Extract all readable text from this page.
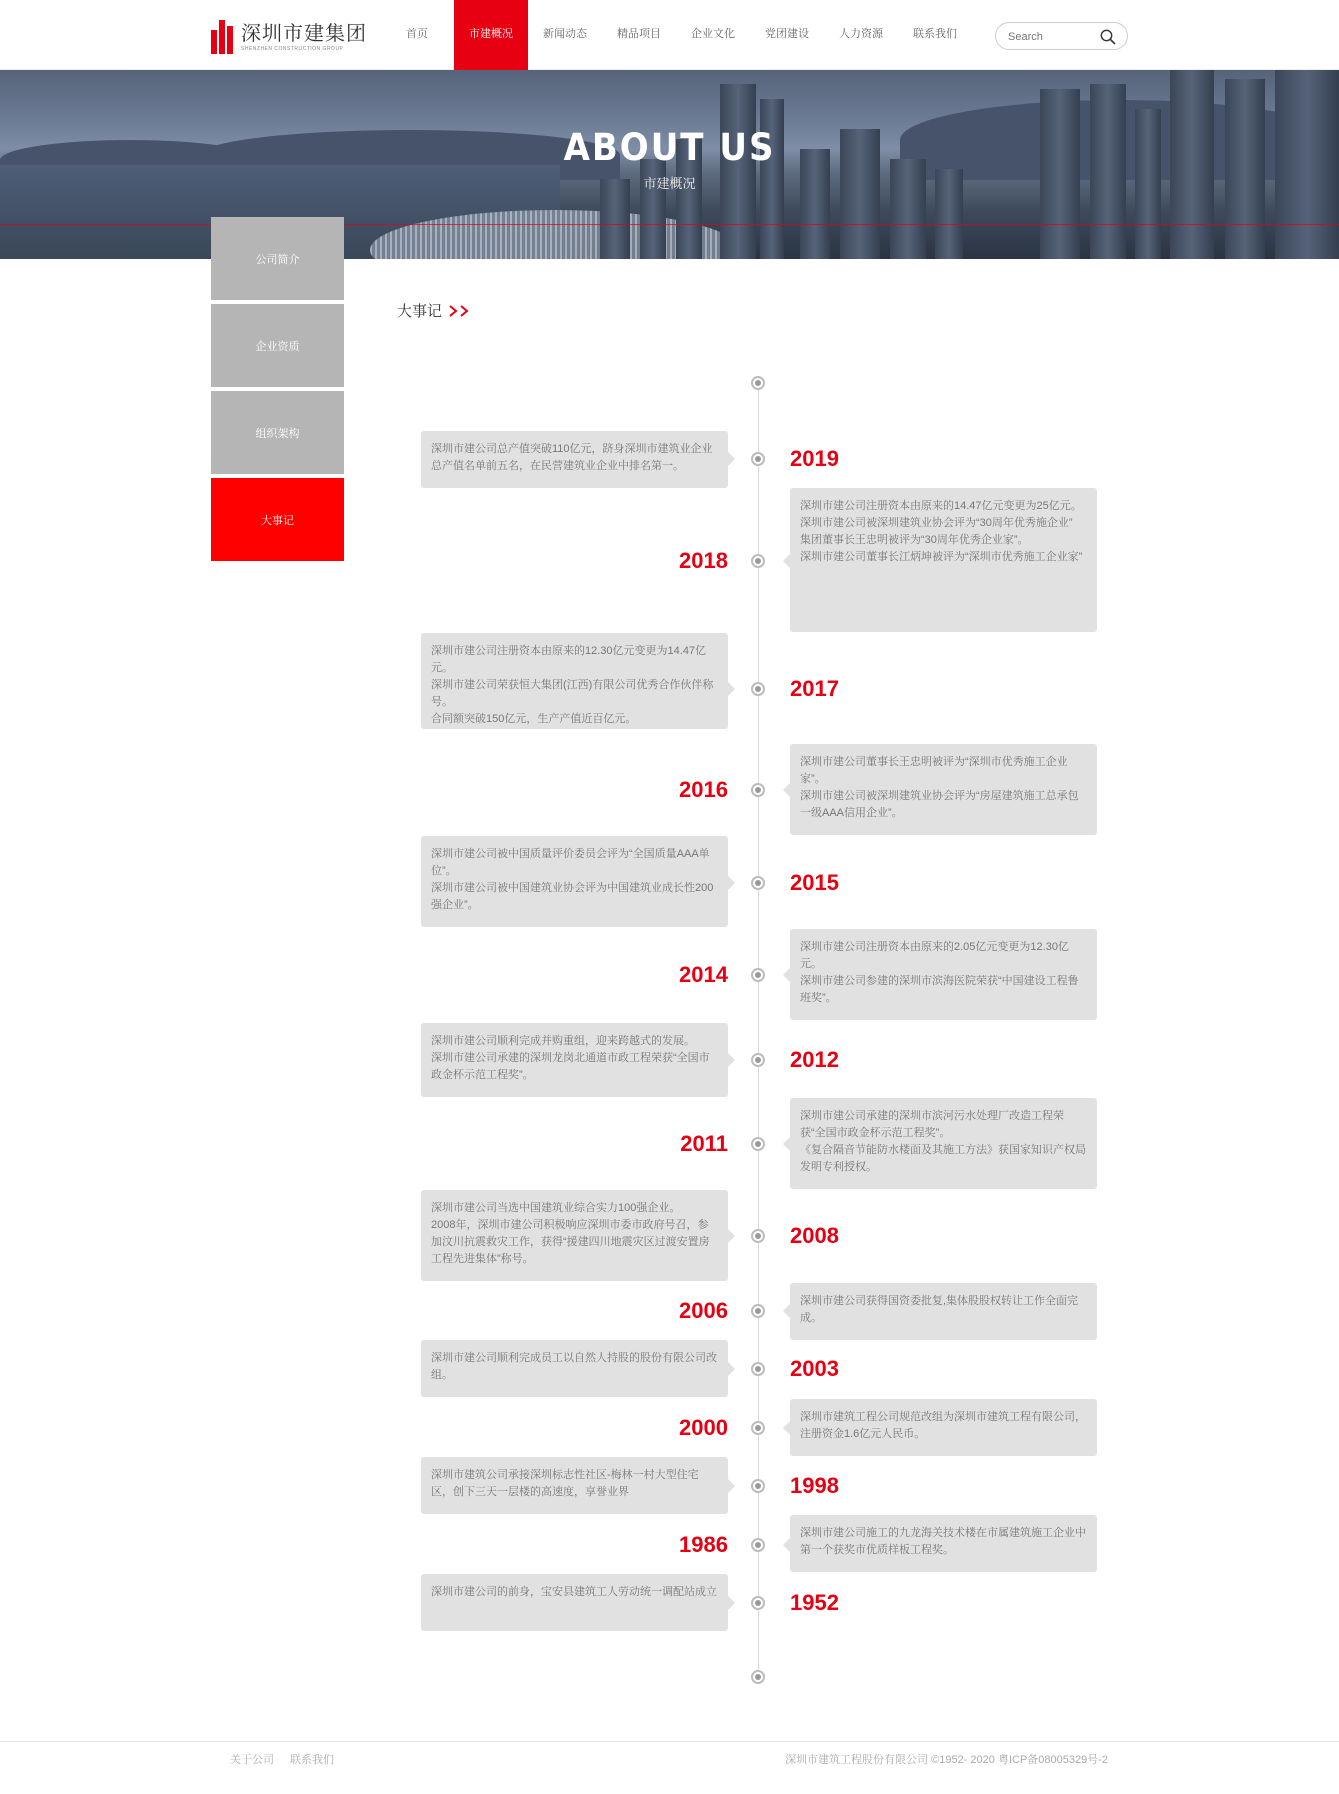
深圳市建集团
SHENZHEN CONSTRUCTION GROUP
首页	市建概况	新闻动态	精品项目	企业文化	党团建设	人力资源	联系我们
Search
ABOUT US
市建概况
公司简介
企业资质
组织架构
大事记
大事记
2019
深圳市建公司总产值突破110亿元，跻身深圳市建筑业企业总产值名单前五名，在民营建筑业企业中排名第一。
2018
深圳市建公司注册资本由原来的14.47亿元变更为25亿元。
深圳市建公司被深圳建筑业协会评为“30周年优秀施企业”
集团董事长王忠明被评为“30周年优秀企业家”。
深圳市建公司董事长江炳坤被评为“深圳市优秀施工企业家”
2017
深圳市建公司注册资本由原来的12.30亿元变更为14.47亿元。
深圳市建公司荣获恒大集团(江西)有限公司优秀合作伙伴称号。
合同额突破150亿元，生产产值近百亿元。
2016
深圳市建公司董事长王忠明被评为“深圳市优秀施工企业家”。
深圳市建公司被深圳建筑业协会评为“房屋建筑施工总承包一级AAA信用企业”。
2015
深圳市建公司被中国质量评价委员会评为“全国质量AAA单位”。
深圳市建公司被中国建筑业协会评为中国建筑业成长性200强企业”。
2014
深圳市建公司注册资本由原来的2.05亿元变更为12.30亿元。
深圳市建公司参建的深圳市滨海医院荣获“中国建设工程鲁班奖”。
2012
深圳市建公司顺利完成并购重组，迎来跨越式的发展。
深圳市建公司承建的深圳龙岗北通道市政工程荣获“全国市政金杯示范工程奖”。
2011
深圳市建公司承建的深圳市滨河污水处理厂改造工程荣获“全国市政金杯示范工程奖”。
《复合隔音节能防水楼面及其施工方法》获国家知识产权局发明专利授权。
2008
深圳市建公司当选中国建筑业综合实力100强企业。
2008年，深圳市建公司积极响应深圳市委市政府号召，参加汶川抗震救灾工作，获得“援建四川地震灾区过渡安置房工程先进集体”称号。
2006	深圳市建公司获得国资委批复,集体股股权转让工作全面完成。
2003
深圳市建公司顺利完成员工以自然人持股的股份有限公司改组。
2000	深圳市建筑工程公司规范改组为深圳市建筑工程有限公司，注册资金1.6亿元人民币。
1998
深圳市建筑公司承接深圳标志性社区-梅林一村大型住宅区，创下三天一层楼的高速度，享誉业界
1986	深圳市建公司施工的九龙海关技术楼在市属建筑施工企业中第一个获奖市优质样板工程奖。
1952
深圳市建公司的前身，宝安县建筑工人劳动统一调配站成立
关于公司 联系我们	深圳市建筑工程股份有限公司 ©1952- 2020 粤ICP备08005329号-2
